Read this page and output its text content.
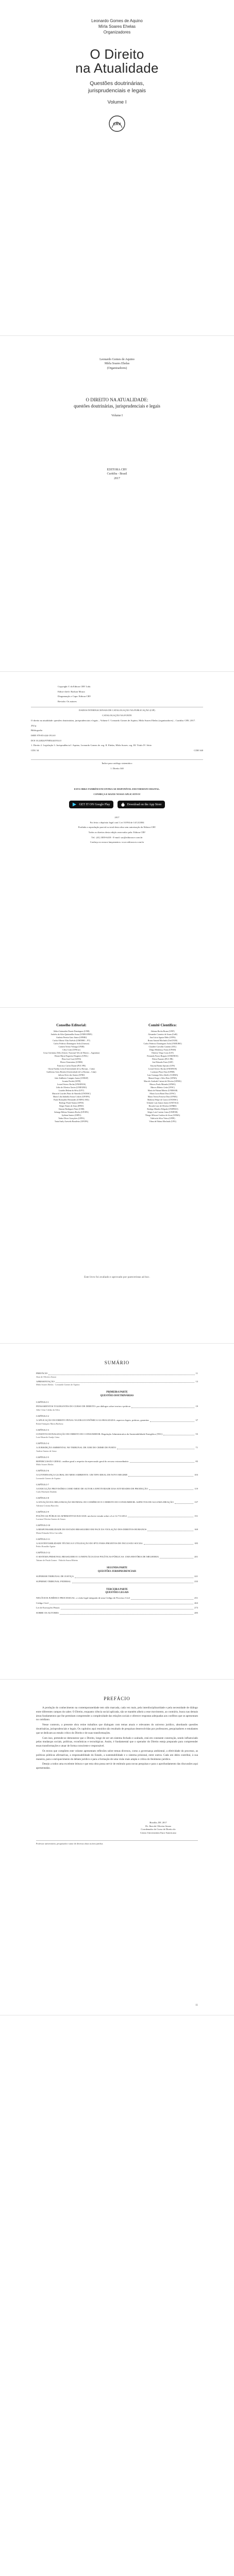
Leonardo Gomes de Aquino
Mírla Soares Ehelas
Organizadores
O Direito
na Atualidade
Questões doutrinárias,
jurisprudenciais e legais
Volume I
CRV
Leonardo Gomes de Aquino
Mírla Soares Ehelas
(Organizadores)
O DIREITO NA ATUALIDADE:
questões doutrinárias, jurisprudenciais e legais
Volume I
EDITORA CRV
Curitiba - Brasil
2017

Copyright © da Editora CRV Ltda.

Editor-chefe: Railson Moura

Diagramação e Capa: Editora CRV

Revisão: Os autores

DADOS INTERNACIONAIS DE CATALOGAÇÃO NA PUBLICAÇÃO (CIP)

CATALOGAÇÃO NA FONTE

O direito na atualidade: questões doutrinárias, jurisprudenciais e legais – Volume I / Leonardo Gomes de Aquino, Mírla Soares Ehelas (organizadores) – Curitiba: CRV, 2017.

292 p.

Bibliografia

ISBN 978-85-444-1914-0

DOI 10.24824/978854441914.0

1. Direito 2. Legislação 3. Jurisprudência I. Aquino, Leonardo Gomes de. org. II. Ehelas, Mírla Soares. org. III. Título IV. Série.

CDU 34	CDD 340

Índice para catálogo sistemático

1. Direito 340

ESTA OBRA TAMBÉM ENCONTRA-SE DISPONÍVEL EM FORMATO DIGITAL.

CONHEÇA E BAIXE NOSSO APLICATIVO!

GET IT ON Google Play	Download on the App Store

2017

Foi feito o depósito legal conf. Lei 10.994 de 14/12/2004

Proibida a reprodução parcial ou total desta obra sem autorização da Editora CRV

Todos os direitos desta edição reservados pela: Editora CRV

Tel.: (41) 3039-6418 - E-mail: sac@editoracrv.com.br

Conheça os nossos lançamentos: www.editoracrv.com.br

Conselho Editorial:
Aldira Guimarães Duarte Domínguez (UNB)
Andréia da Silva Quintanilha Sousa (UNIR/UFRN)
Antônio Pereira Gaio Júnior (UFRRJ)
Carlos Alberto Vilar Estêvão (UMINHO – PT)
Carlos Federico Dominguez Avila (Unieuro)
Carmen Tereza Velanga (UNIR)
Celso Conti (UFSCar)
Cesar Gerónimo Tello (Univer. Nacional Três de Febrero – Argentina)
Elione Maria Nogueira Diogenes (UFAL)
Élsio José Corá (UFFS)
Elizeu Clementino (UNEB)
Francisco Carlos Duarte (PUC-PR)
Gloria Fariñas León (Universidade de La Havana – Cuba)
Guillermo Arias Beatón (Universidade de La Havana – Cuba)
Jailson Alves dos Santos (UFRJ)
João Adalberto Campato Junior (UNESP)
Josania Portela (UFPI)
Leonel Severo Rocha (UNISINOS)
Lídia de Oliveira Xavier (UNIEURO)
Lourdes Helena da Silva (UFV)
Maria de Lourdes Pinto de Almeida (UNOESC)
Maria Lília Imbiriba Sousa Colares (UFOPA)
Paulo Romualdo Hernandes (UNIFAL-MG)
Rodrigo Pratte-Santos (UFES)
Sérgio Nunes de Jesus (IFRO)
Simone Rodrigues Pinto (UNB)
Solange Helena Ximenes-Rocha (UFOPA)
Sydione Santos (UEPG)
Tadeu Oliver Gonçalves (UFPA)
Tania Suely Azevedo Brasileiro (UFOPA)
Comitê Científico:
Adriana Rocha Bruno (UFJF)
Alexandre Carneiro de Souza (UnB)
Ana Lúcia Aguiar Melo (UFPA)
Bruno Amaral Machado (UniCEUB)
Carlos Federico Domínguez Avila (UNIEURO)
Claudete Carvalho Canezin (UEL)
Diego Mendonça Viana (UFAM)
Fabrício Veiga Costa (UIT)
Fernanda Frizzo Bragato (UNISINOS)
Flávio Pansieri (PUC-PR)
José Eduardo Faria (USP)
Karyna Batista Sposato (UFS)
Leonel Severo Rocha (UNISINOS)
Lucimara Plaza Tena (UFRR)
Luiz Gonzaga Silva Adolfo (ULBRA)
Manoel Jorge e Silva Neto (UFBA)
Marcelo Andrade Cattoni de Oliveira (UFMG)
Marcos Paulo Miranda (UFMG)
Marcos Ribeiro Leite (UFSC)
Maria de Fátima Ribeiro (UNIMAR)
Maria Lucia Brant Dias (UFSC)
Maria Tereza Fonseca Dias (UFMG)
Matheus Felipe de Castro (UNOESC)
Orlando Luiz Zanon Junior (UNIVALI)
Ricardo Luiz de Oliveira (UFRRJ)
Rodrigo Mendes Delgado (UNIFESO)
Sérgio Luís Cursino Lima (UNIFOR)
Thiago Allisson Cardoso de Jesus (UEMA)
Valéria da Silva Vieira (UFPE)
Vilma de Fátima Machado (UFG)
Este livro foi avaliado e aprovado por pareceristas ad hoc.
SUMÁRIO
PREFÁCIO	11
Jhon de Oliveira Souza
APRESENTAÇÃO	13
Mírla Soares Ehelas · Leonardo Gomes de Aquino
PRIMEIRA PARTE
QUESTÕES DOUTRINÁRIAS
CAPÍTULO 1
PENSAMENTOS TOLERANTES DO CURSO DE DIREITO: por diálogos sobre teorias e práticas	19
Júlio César Caldas da Silva
CAPÍTULO 2
A APLICAÇÃO DO DIREITO PENAL NA ERA ECONÔMICA GLOBALIZADA: aspectos legais, práticas, garantias	37
Rafael Sampaio Maria Barbosa
CAPÍTULO 3
CONSTITUCIONALIZAÇÃO DO DIREITO DO CONSUMIDOR: Regulação Administrativa da Sustentabilidade Energética (TEC)	55
Luiz Eduardo Araújo Lima
CAPÍTULO 4
A JURISDIÇÃO AMBIENTAL NO TRIBUNAL DE JURI DO CRIME DE FURTO	71
Andrea Santos de Lima
CAPÍTULO 5
REPERCUSSÃO GERAL: análise geral a respeito da repercussão geral do recurso extraordinário	85
Mírla Soares Ehelas
CAPÍTULO 6
A GOVERNANÇA GLOBAL DO MEIO AMBIENTE: UM TIPO IDEAL DE NOVO REGIME	103
Leonardo Gomes de Aquino
CAPÍTULO 7
A EXECUÇÃO PROVISÓRIA COMO MEIO DE AUTOR A EFETIVIDADE DAS ATIVIDADES DE PRODUÇÃO	119
Carla Machado Dadalto
CAPÍTULO 8
A ATUAÇÃO DA ORGANIZAÇÃO MUNDIAL DO COMÉRCIO E O DIREITO DO CONSUMIDOR: ASPECTOS DE ALGUMA IDEAÇÃO	137
Adriana Cristina Barcelos
CAPÍTULO 9
POLÍTICAS PÚBLICAS AFIRMATIVAS RACIAIS: um breve estudo sobre a Lei 12.711/2012	151
Luciana Oliveira Santos de Souza
CAPÍTULO 10
A RESPONSABILIDADE DO ESTADO BRASILEIRO EM FACE DA VIOLAÇÃO DOS DIREITOS HUMANOS	169
Maria Eduarda Silva Carvalho
CAPÍTULO 11
A SUSTENTABILIDADE TÉCNICA E UTILIZAÇÃO DO IPTU PARA PROJETOS DE INCLUSÃO SOCIAL	185
Pedro Ronaldo Aguiar
CAPÍTULO 12
O SISTEMA PRISIONAL BRASILEIRO E A INEFICÁCIA DAS POLÍTICAS PÚBLICAS: UMA HISTÓRIA DE MELHORIA	201
Tatiane de Paula Gomes · Fabiola Sousa Ribeiro
SEGUNDA PARTE
QUESTÕES JURISPRUDENCIAIS
SUPERIOR TRIBUNAL DE JUSTIÇA	221
SUPREMO TRIBUNAL FEDERAL	235
TERCEIRA PARTE
QUESTÕES LEGAIS
NEGÓCIOS JURÍDICO PROCESSUAL: a visão legal integrada de uma Código de Processo Civil	251
Código Civil	263
Lei de Execuções Penais	273
SOBRE OS AUTORES	285
PREFÁCIO

A produção do conhecimento na contemporaneidade tem sido marcada, cada vez mais, pela interdisciplinaridade e pela necessidade de diálogo entre diferentes campos do saber. O Direito, enquanto ciência social aplicada, não se mantém alheio a esse movimento, ao contrário, busca nas demais áreas fundamentos que lhe permitam compreender a complexidade das relações sociais e oferecer respostas adequadas aos conflitos que se apresentam no cotidiano.

Nesse contexto, a presente obra reúne trabalhos que dialogam com temas atuais e relevantes do universo jurídico, abordando questões doutrinárias, jurisprudenciais e legais. Os capítulos aqui reunidos são resultado de pesquisas desenvolvidas por professores, pesquisadores e estudantes que se dedicam ao estudo crítico do Direito e de suas transformações.

Com isso, pretende-se demonstrar que o Direito, longe de ser um sistema fechado e acabado, está em constante construção, sendo influenciado pelas mudanças sociais, políticas, econômicas e tecnológicas. Assim, é fundamental que o operador do Direito esteja preparado para compreender essas transformações e atuar de forma consciente e responsável.

Os textos que compõem este volume apresentam reflexões sobre temas diversos, como a governança ambiental, a efetividade do processo, as políticas públicas afirmativas, a responsabilidade do Estado, a sustentabilidade e o sistema prisional, entre outros. Cada um deles contribui, à sua maneira, para o enriquecimento do debate jurídico e para a formação de uma visão mais ampla e crítica do fenômeno jurídico.

Desejo a todos uma excelente leitura e que esta obra possa servir de estímulo para novas pesquisas e para o aprofundamento das discussões aqui apresentadas.

Brasília, DF, 2017
Dr. Jhon de Oliveira Souza
Coordenador do Curso de Direito do
Centro Universitário Euro-Americano
Professor universitário, pesquisador e autor de diversas obras na área jurídica.
11
